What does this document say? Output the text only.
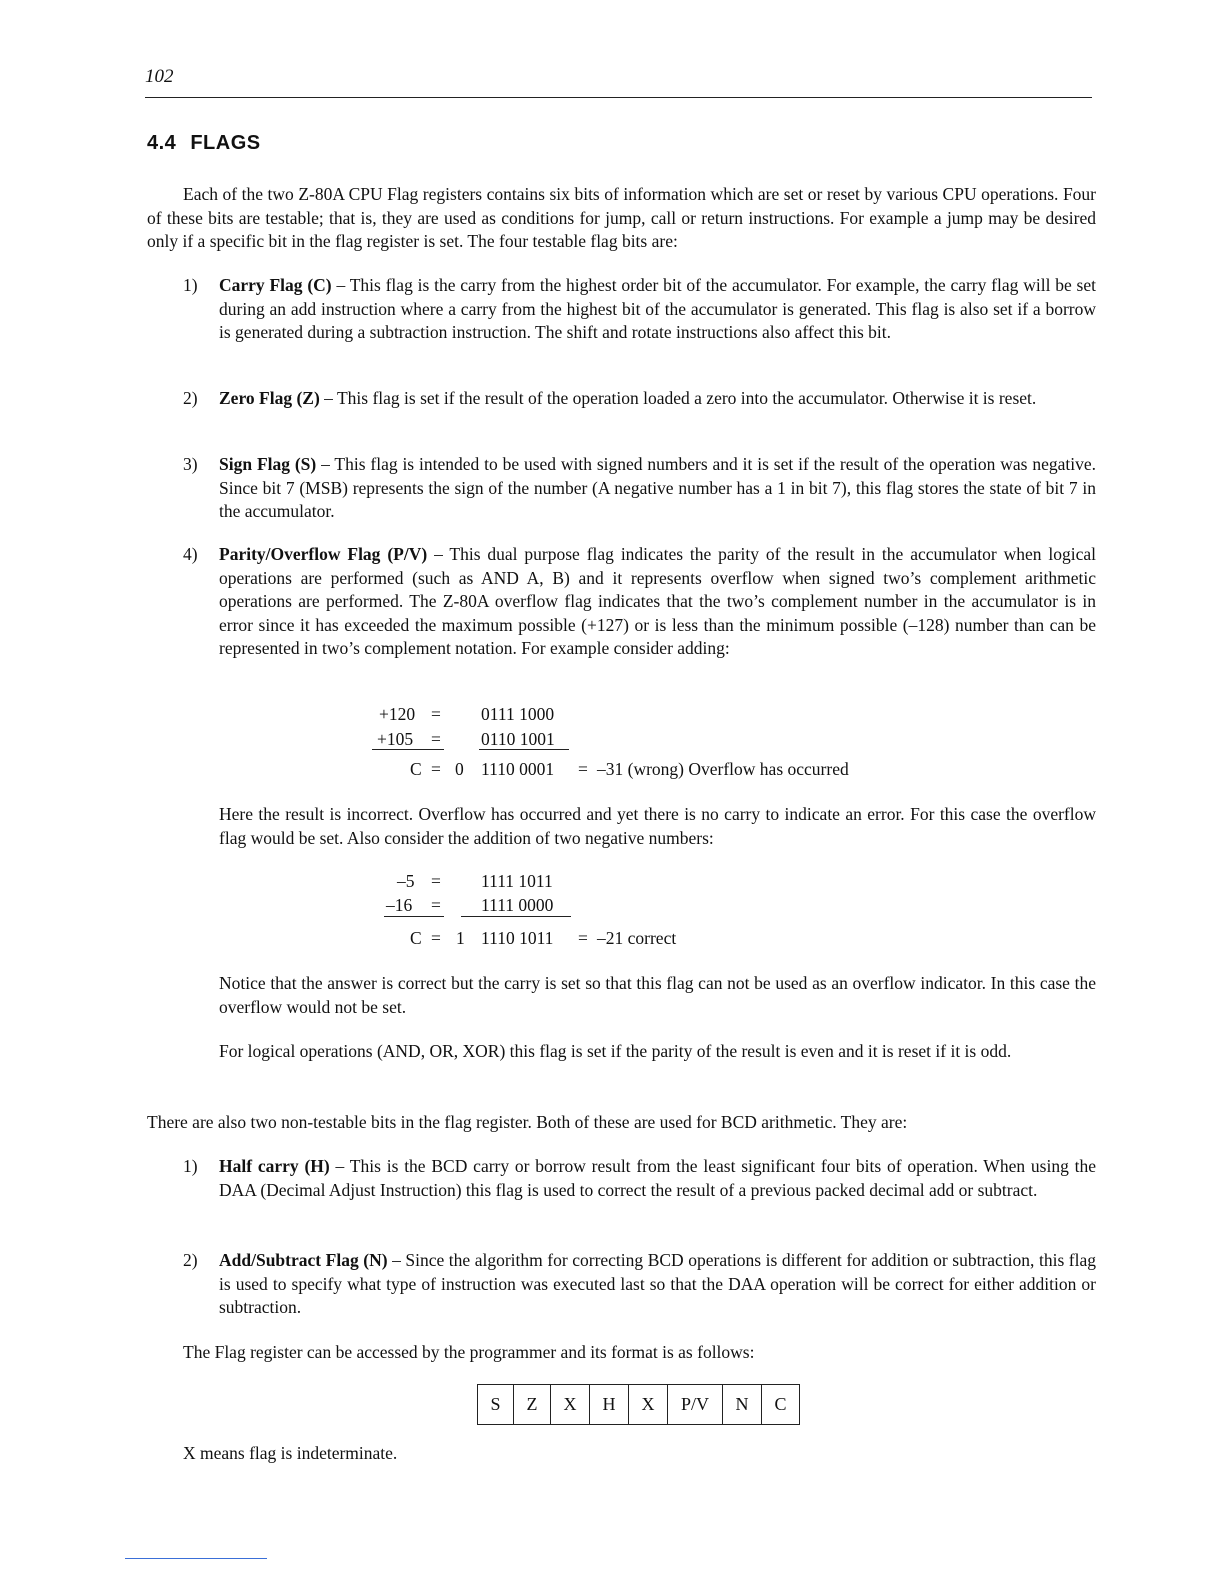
102
4.4 FLAGS

Each of the two Z-80A CPU Flag registers contains six bits of information which are set or reset by various CPU operations. Four of these bits are testable; that is, they are used as conditions for jump, call or return instructions. For example a jump may be desired only if a specific bit in the flag register is set. The four testable flag bits are:

1)	Carry Flag (C) – This flag is the carry from the highest order bit of the accumulator. For example, the carry flag will be set during an add instruction where a carry from the highest bit of the accumulator is generated. This flag is also set if a borrow is generated during a subtraction instruction. The shift and rotate instructions also affect this bit.
2)	Zero Flag (Z) – This flag is set if the result of the operation loaded a zero into the accumulator. Otherwise it is reset.
3)	Sign Flag (S) – This flag is intended to be used with signed numbers and it is set if the result of the operation was negative. Since bit 7 (MSB) represents the sign of the number (A negative number has a 1 in bit 7), this flag stores the state of bit 7 in the accumulator.
4)	Parity/Overflow Flag (P/V) – This dual purpose flag indicates the parity of the result in the accumulator when logical operations are performed (such as AND A, B) and it represents overflow when signed two’s complement arithmetic operations are performed. The Z-80A overflow flag indicates that the two’s complement number in the accumulator is in error since it has exceeded the maximum possible (+127) or is less than the minimum possible (–128) number than can be represented in two’s complement notation. For example consider adding:
+120 = 0111 1000
+105 = 0110 1001
C = 0 1110 0001 = –31 (wrong) Overflow has occurred

Here the result is incorrect. Overflow has occurred and yet there is no carry to indicate an error. For this case the overflow flag would be set. Also consider the addition of two negative numbers:

–5 = 1111 1011
–16 = 1111 0000
C = 1 1110 1011 = –21 correct

Notice that the answer is correct but the carry is set so that this flag can not be used as an overflow indicator. In this case the overflow would not be set.

For logical operations (AND, OR, XOR) this flag is set if the parity of the result is even and it is reset if it is odd.

There are also two non-testable bits in the flag register. Both of these are used for BCD arithmetic. They are:

1)	Half carry (H) – This is the BCD carry or borrow result from the least significant four bits of operation. When using the DAA (Decimal Adjust Instruction) this flag is used to correct the result of a previous packed decimal add or subtract.
2)	Add/Subtract Flag (N) – Since the algorithm for correcting BCD operations is different for addition or subtraction, this flag is used to specify what type of instruction was executed last so that the DAA operation will be correct for either addition or subtraction.

The Flag register can be accessed by the programmer and its format is as follows:

S	Z	X	H	X	P/V	N	C

X means flag is indeterminate.
